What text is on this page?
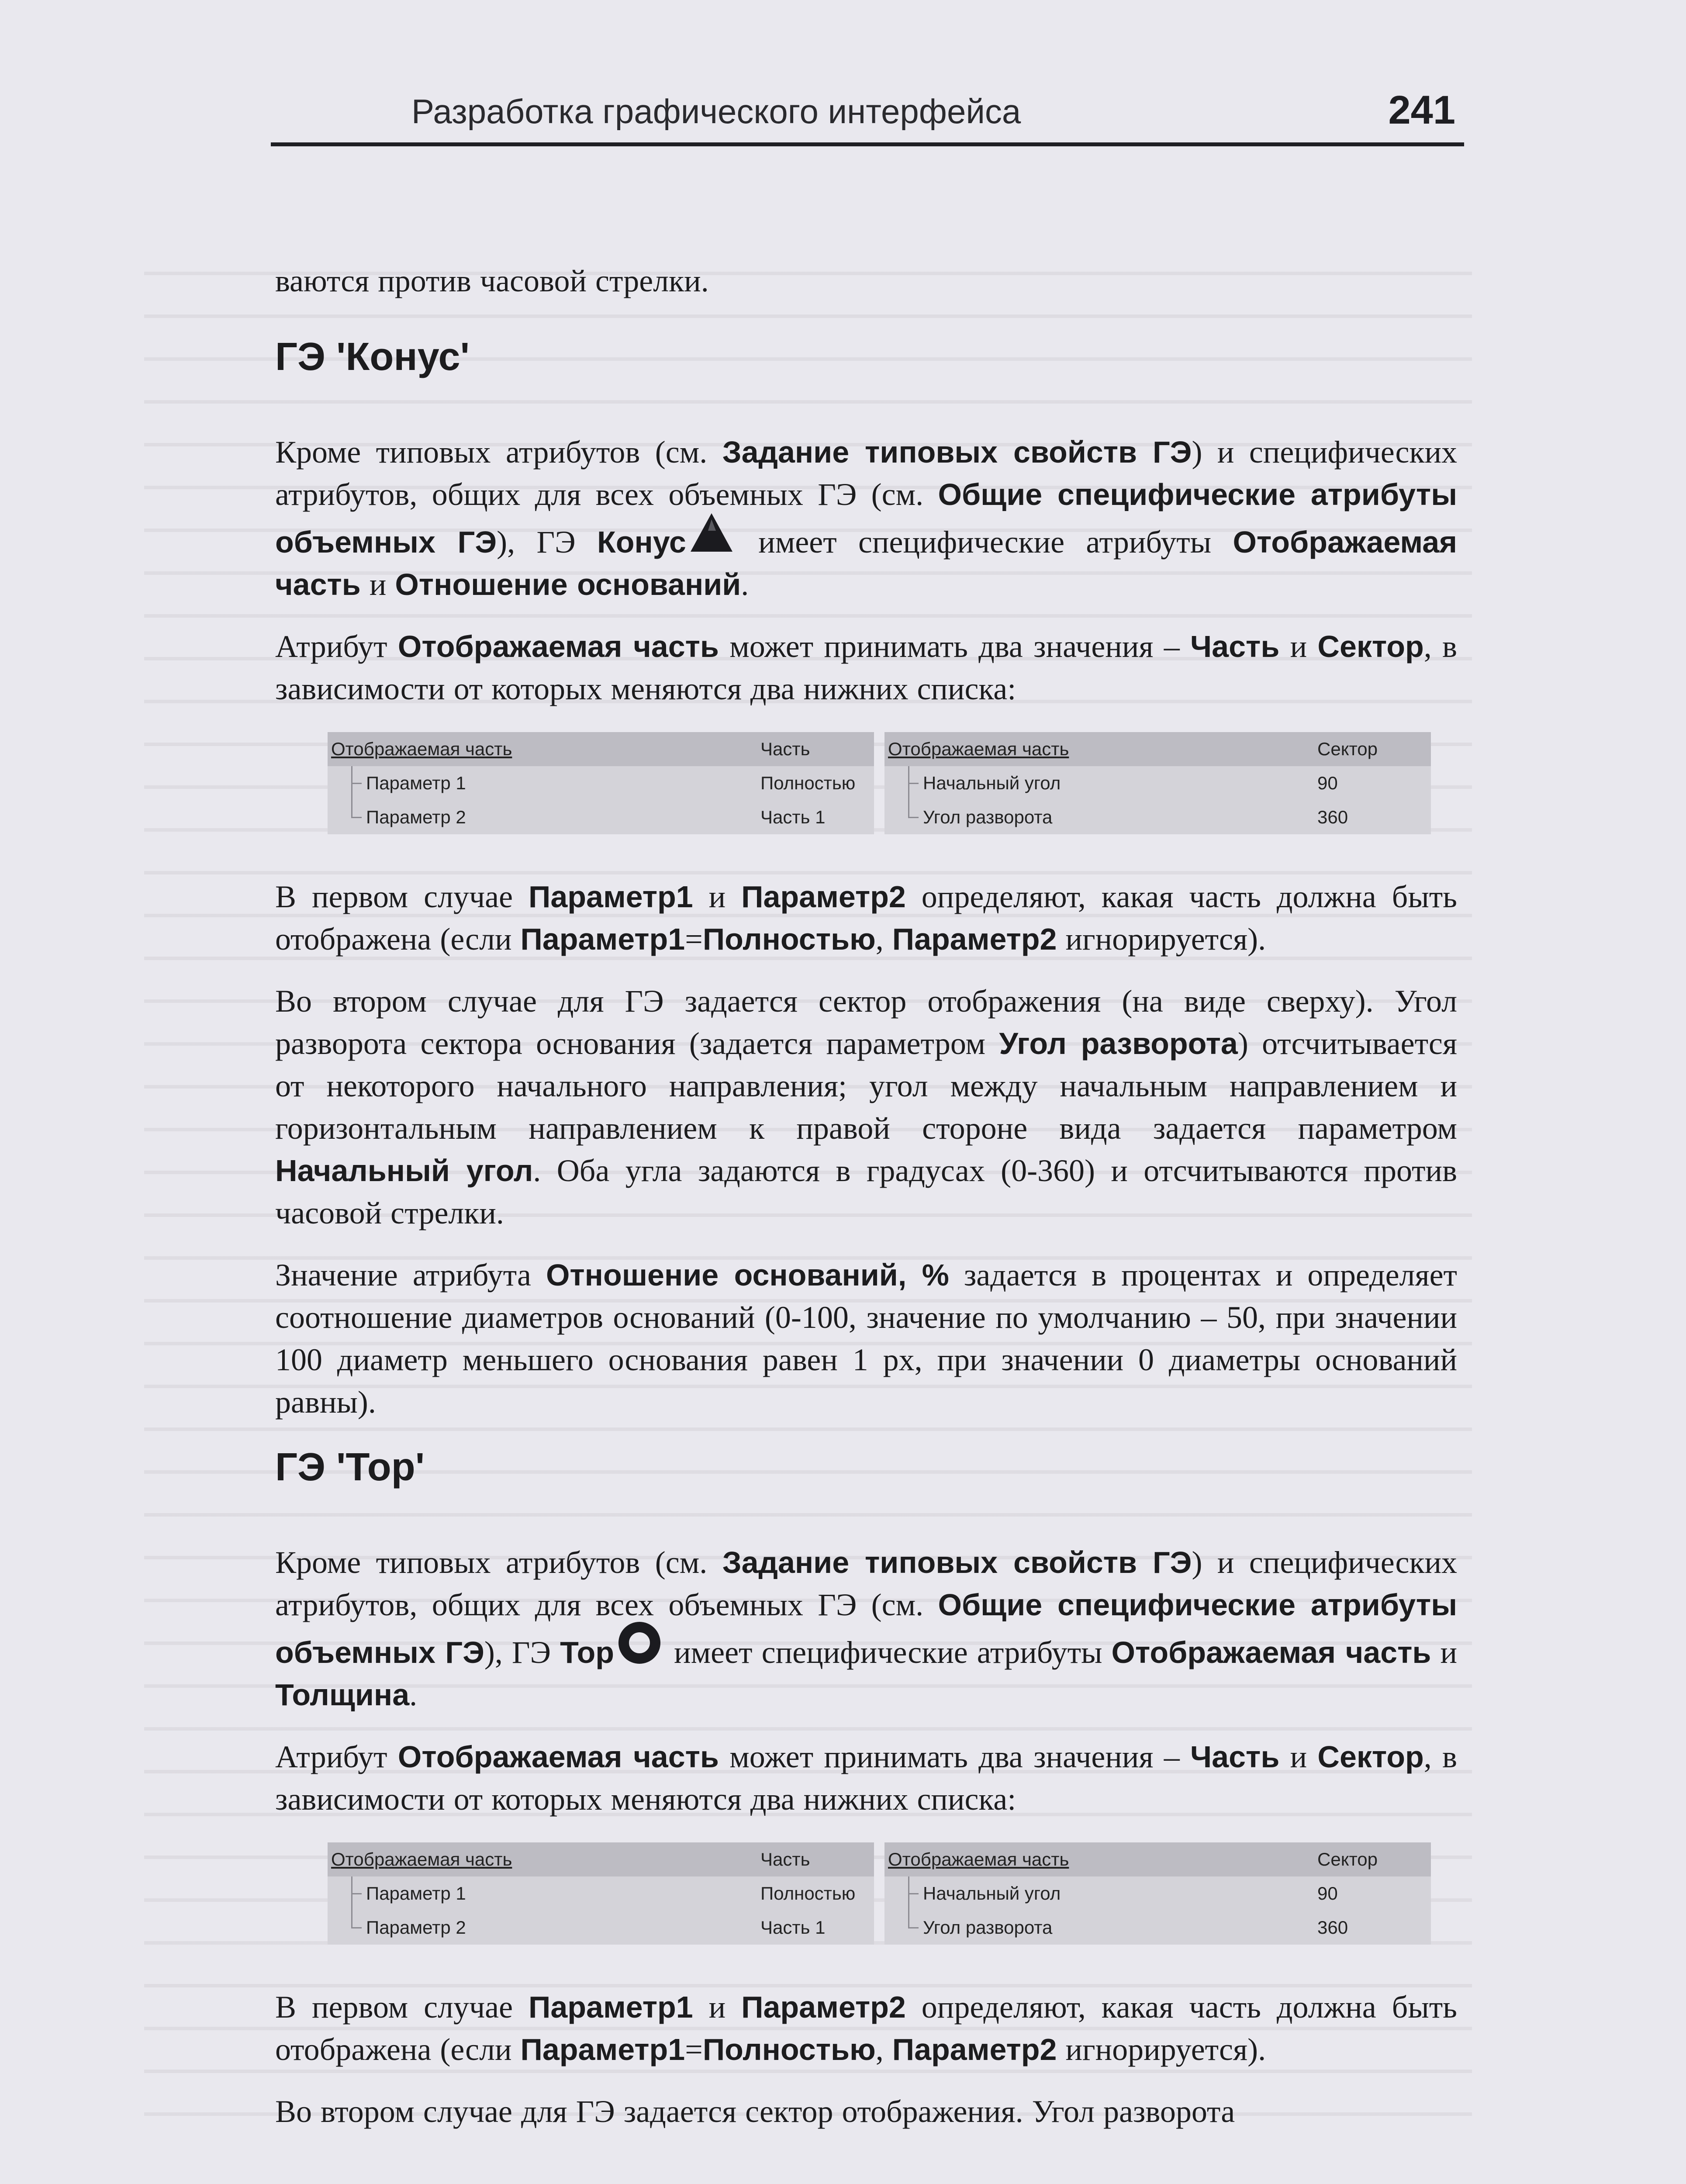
Разработка графического интерфейса	241

ваются против часовой стрелки.

ГЭ 'Конус'

Кроме типовых атрибутов (см. Задание типовых свойств ГЭ) и специфических атрибутов, общих для всех объемных ГЭ (см. Общие специфические атрибуты объемных ГЭ), ГЭ Конус
имеет специфические атрибуты Отображаемая часть и Отношение оснований.

Атрибут Отображаемая часть может принимать два значения – Часть и Сектор, в зависимости от которых меняются два нижних списка:

Отображаемая часть	Часть
Параметр 1	Полностью
Параметр 2	Часть 1
Отображаемая часть	Сектор
Начальный угол	90
Угол разворота	360

В первом случае Параметр1 и Параметр2 определяют, какая часть должна быть отображена (если Параметр1=Полностью, Параметр2 игнорируется).

Во втором случае для ГЭ задается сектор отображения (на виде сверху). Угол разворота сектора основания (задается параметром Угол разворота) отсчитывается от некоторого начального направления; угол между начальным направлением и горизонтальным направлением к правой стороне вида задается параметром Начальный угол. Оба угла задаются в градусах (0-360) и отсчитываются против часовой стрелки.

Значение атрибута Отношение оснований, % задается в процентах и определяет соотношение диаметров оснований (0-100, значение по умолчанию – 50, при значении 100 диаметр меньшего основания равен 1 px, при значении 0 диаметры оснований равны).

ГЭ 'Тор'

Кроме типовых атрибутов (см. Задание типовых свойств ГЭ) и специфических атрибутов, общих для всех объемных ГЭ (см. Общие специфические атрибуты объемных ГЭ), ГЭ Тор
имеет специфические атрибуты Отображаемая часть и Толщина.

Атрибут Отображаемая часть может принимать два значения – Часть и Сектор, в зависимости от которых меняются два нижних списка:

Отображаемая часть	Часть
Параметр 1	Полностью
Параметр 2	Часть 1
Отображаемая часть	Сектор
Начальный угол	90
Угол разворота	360

В первом случае Параметр1 и Параметр2 определяют, какая часть должна быть отображена (если Параметр1=Полностью, Параметр2 игнорируется).

Во втором случае для ГЭ задается сектор отображения. Угол разворота
